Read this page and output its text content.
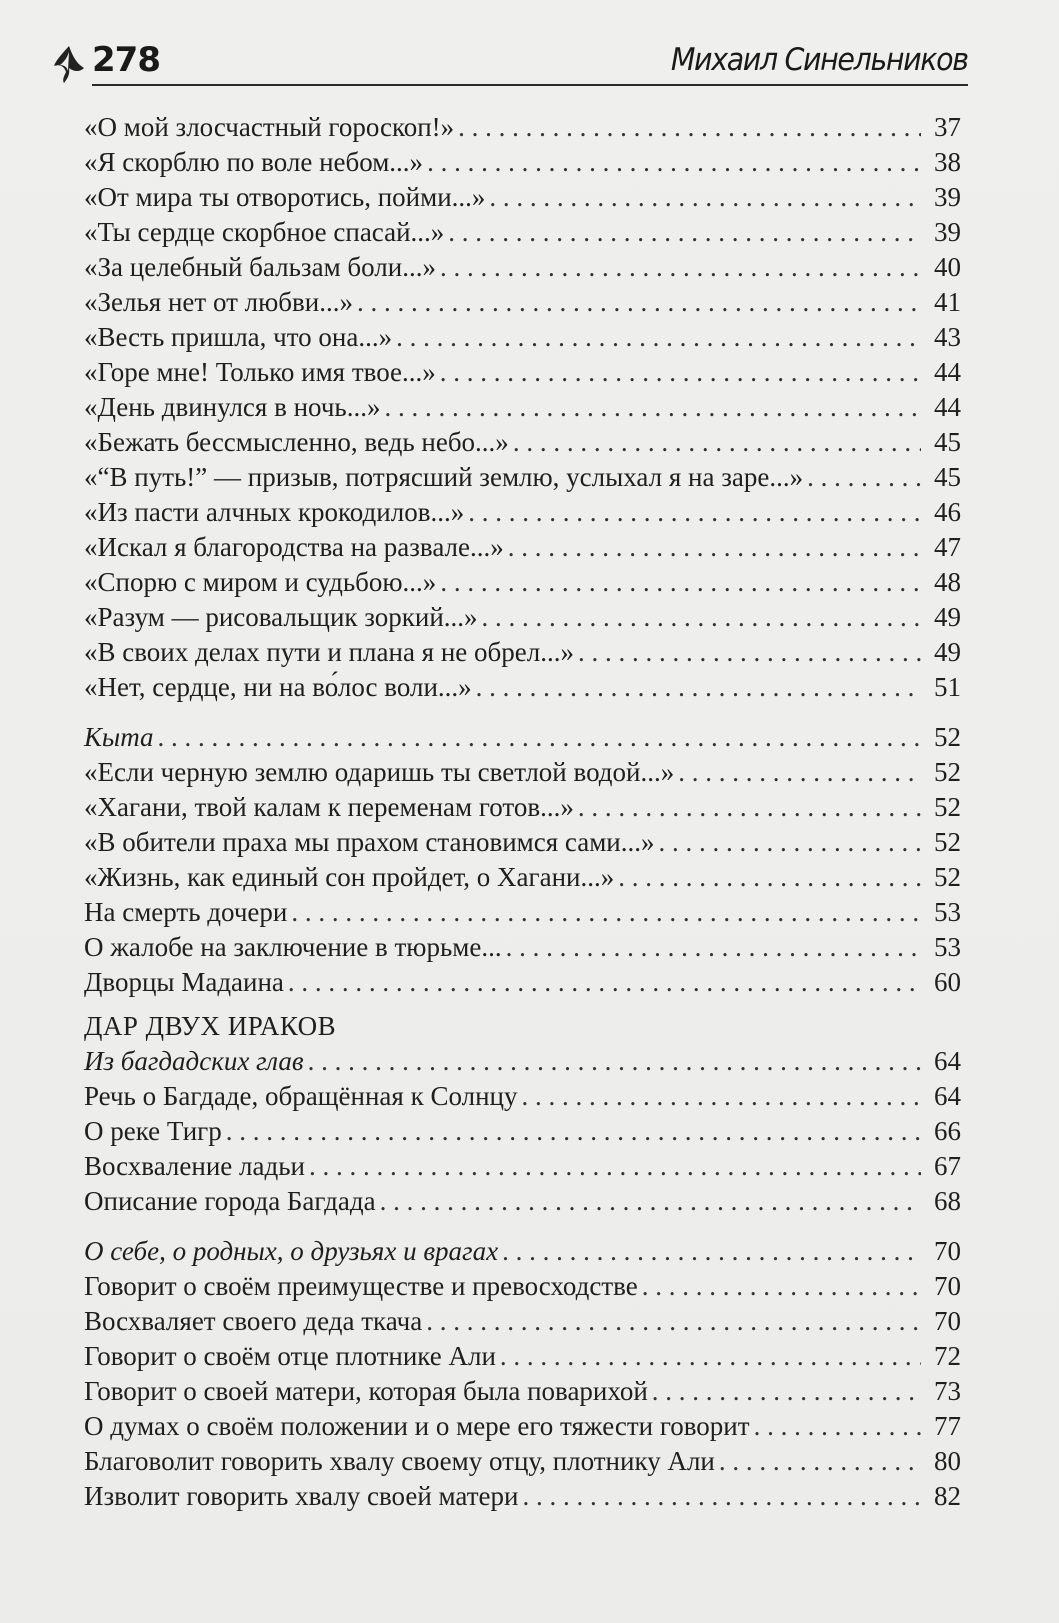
278	Михаил Синельников
«О мой злосчастный гороскоп!» . . .	37
«Я скорблю по воле небом...» . . .	38
«От мира ты отворотись, пойми...» . . .	39
«Ты сердце скорбное спасай...» . . .	39
«За целебный бальзам боли...» . . .	40
«Зелья нет от любви...» . . .	41
«Весть пришла, что она...» . . .	43
«Горе мне! Только имя твое...» . . .	44
«День двинулся в ночь...» . . .	44
«Бежать бессмысленно, ведь небо...» . . .	45
«“В путь!” — призыв, потрясший землю, услыхал я на заре...» . . .	45
«Из пасти алчных крокодилов...» . . .	46
«Искал я благородства на развале...» . . .	47
«Спорю с миром и судьбою...» . . .	48
«Разум — рисовальщик зоркий...» . . .	49
«В своих делах пути и плана я не обрел...» . . .	49
«Нет, сердце, ни на во́лос воли...» . . .	51
Кыта . . .	52
«Если черную землю одаришь ты светлой водой...» . . .	52
«Хагани, твой калам к переменам готов...» . . .	52
«В обители праха мы прахом становимся сами...» . . .	52
«Жизнь, как единый сон пройдет, о Хагани...» . . .	52
На смерть дочери . . .	53
О жалобе на заключение в тюрьме... . . .	53
Дворцы Мадаина . . .	60
ДАР ДВУХ ИРАКОВ
Из багдадских глав . . .	64
Речь о Багдаде, обращённая к Солнцу . . .	64
О реке Тигр . . .	66
Восхваление ладьи . . .	67
Описание города Багдада . . .	68
О себе, о родных, о друзьях и врагах . . .	70
Говорит о своём преимуществе и превосходстве . . .	70
Восхваляет своего деда ткача . . .	70
Говорит о своём отце плотнике Али . . .	72
Говорит о своей матери, которая была поварихой . . .	73
О думах о своём положении и о мере его тяжести говорит . . .	77
Благоволит говорить хвалу своему отцу, плотнику Али . . .	80
Изволит говорить хвалу своей матери . . .	82
